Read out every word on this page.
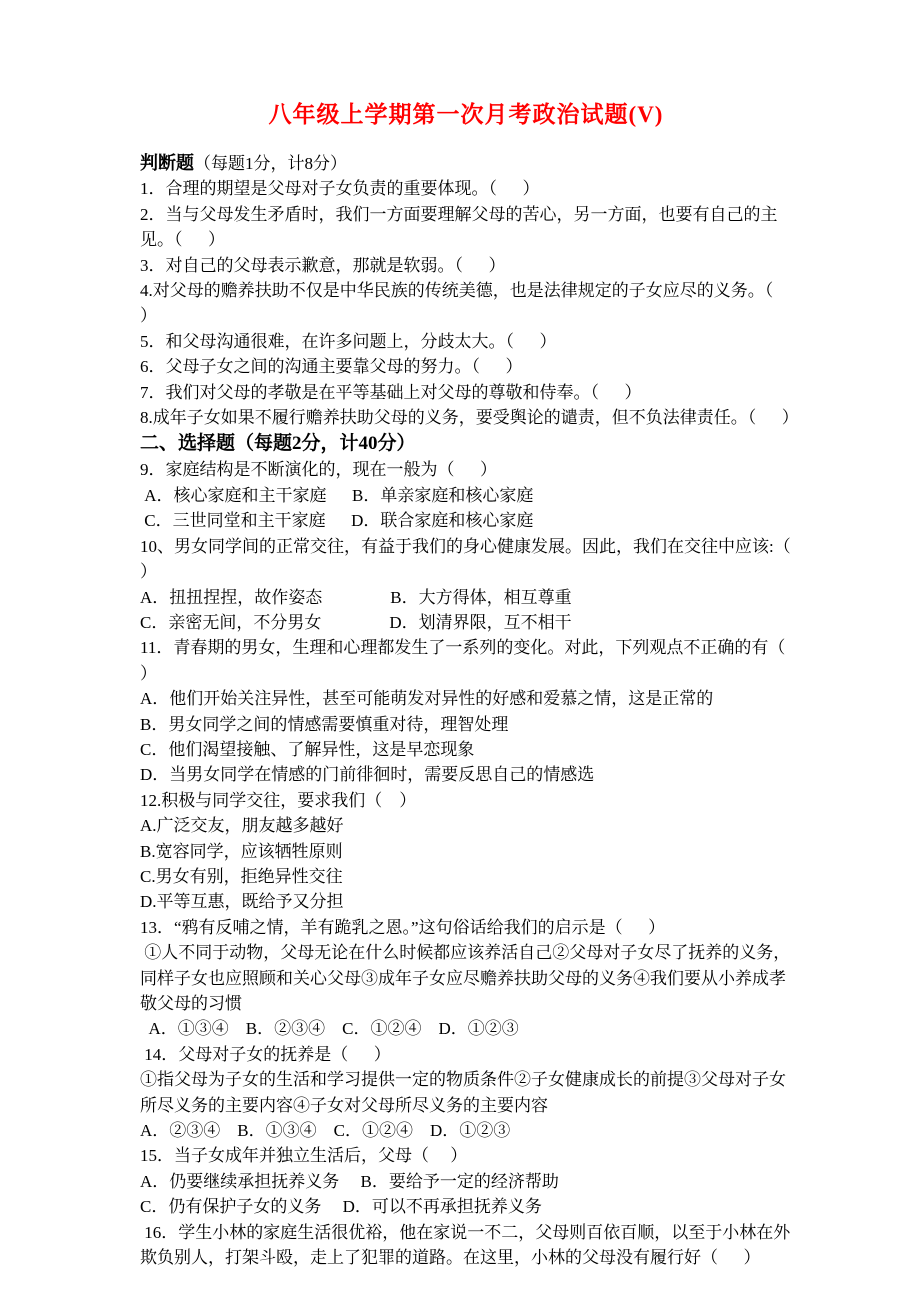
八年级上学期第一次月考政治试题(V)

判断题（每题1分，计8分）

1．合理的期望是父母对子女负责的重要体现。（      ）

2．当与父母发生矛盾时，我们一方面要理解父母的苦心，另一方面，也要有自己的主见。（      ）

3．对自己的父母表示歉意，那就是软弱。（      ）

4.对父母的赡养扶助不仅是中华民族的传统美德，也是法律规定的子女应尽的义务。（      ）

5．和父母沟通很难，在许多问题上，分歧太大。（      ）

6．父母子女之间的沟通主要靠父母的努力。（      ）

7．我们对父母的孝敬是在平等基础上对父母的尊敬和侍奉。（      ）

8.成年子女如果不履行赡养扶助父母的义务，要受舆论的谴责，但不负法律责任。（      ）

二、选择题（每题2分，计40分）

9．家庭结构是不断演化的，现在一般为（      ）

A．核心家庭和主干家庭      B．单亲家庭和核心家庭

C．三世同堂和主干家庭      D．联合家庭和核心家庭

10、男女同学间的正常交往，有益于我们的身心健康发展。因此，我们在交往中应该:（     ）

A．扭扭捏捏，故作姿态                B．大方得体，相互尊重

C．亲密无间，不分男女                D．划清界限，互不相干

11．青春期的男女，生理和心理都发生了一系列的变化。对此，下列观点不正确的有（    ）

A．他们开始关注异性，甚至可能萌发对异性的好感和爱慕之情，这是正常的

B．男女同学之间的情感需要慎重对待，理智处理

C．他们渴望接触、了解异性，这是早恋现象

D．当男女同学在情感的门前徘徊时，需要反思自己的情感选

12.积极与同学交往，要求我们（    ）

A.广泛交友，朋友越多越好

B.宽容同学，应该牺牲原则

C.男女有别，拒绝异性交往

D.平等互惠，既给予又分担

13．“鸦有反哺之情，羊有跪乳之恩。”这句俗话给我们的启示是（      ）

①人不同于动物，父母无论在什么时候都应该养活自己②父母对子女尽了抚养的义务，同样子女也应照顾和关心父母③成年子女应尽赡养扶助父母的义务④我们要从小养成孝敬父母的习惯

A．①③④    B．②③④    C．①②④    D．①②③

14．父母对子女的抚养是（      ）

①指父母为子女的生活和学习提供一定的物质条件②子女健康成长的前提③父母对子女所尽义务的主要内容④子女对父母所尽义务的主要内容

A．②③④    B．①③④    C．①②④    D．①②③

15．当子女成年并独立生活后，父母（     ）

A．仍要继续承担抚养义务     B．要给予一定的经济帮助

C．仍有保护子女的义务     D．可以不再承担抚养义务

16．学生小林的家庭生活很优裕，他在家说一不二，父母则百依百顺，以至于小林在外欺负别人，打架斗殴，走上了犯罪的道路。在这里，小林的父母没有履行好（      ）
